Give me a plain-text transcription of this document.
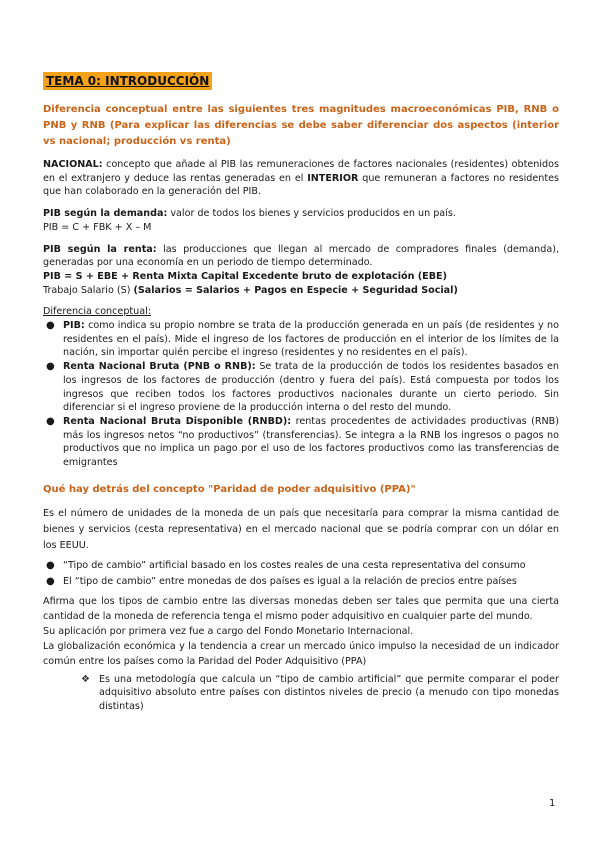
TEMA 0: INTRODUCCIÓN
Diferencia conceptual entre las siguientes tres magnitudes macroeconómicas PIB, RNB o PNB y RNB (Para explicar las diferencias se debe saber diferenciar dos aspectos (interior vs nacional; producción vs renta)

NACIONAL: concepto que añade al PIB las remuneraciones de factores nacionales (residentes) obtenidos en el extranjero y deduce las rentas generadas en el INTERIOR que remuneran a factores no residentes que han colaborado en la generación del PIB.

PIB según la demanda: valor de todos los bienes y servicios producidos en un país.

PIB = C + FBK + X – M

PIB según la renta: las producciones que llegan al mercado de compradores finales (demanda), generadas por una economía en un periodo de tiempo determinado.

PIB = S + EBE + Renta Mixta Capital Excedente bruto de explotación (EBE)

Trabajo Salario (S) (Salarios = Salarios + Pagos en Especie + Seguridad Social)

Diferencia conceptual:

● PIB: como indica su propio nombre se trata de la producción generada en un país (de residentes y no residentes en el país). Mide el ingreso de los factores de producción en el interior de los límites de la nación, sin importar quién percibe el ingreso (residentes y no residentes en el país).
● Renta Nacional Bruta (PNB o RNB): Se trata de la producción de todos los residentes basados en los ingresos de los factores de producción (dentro y fuera del país). Está compuesta por todos los ingresos que reciben todos los factores productivos nacionales durante un cierto periodo. Sin diferenciar si el ingreso proviene de la producción interna o del resto del mundo.
● Renta Nacional Bruta Disponible (RNBD): rentas procedentes de actividades productivas (RNB) más los ingresos netos “no productivos” (transferencias). Se integra a la RNB los ingresos o pagos no productivos que no implica un pago por el uso de los factores productivos como las transferencias de emigrantes
Qué hay detrás del concepto "Paridad de poder adquisitivo (PPA)"

Es el número de unidades de la moneda de un país que necesitaría para comprar la misma cantidad de bienes y servicios (cesta representativa) en el mercado nacional que se podría comprar con un dólar en los EEUU.

● “Tipo de cambio” artificial basado en los costes reales de una cesta representativa del consumo
● El “tipo de cambio” entre monedas de dos países es igual a la relación de precios entre países

Afirma que los tipos de cambio entre las diversas monedas deben ser tales que permita que una cierta cantidad de la moneda de referencia tenga el mismo poder adquisitivo en cualquier parte del mundo.

Su aplicación por primera vez fue a cargo del Fondo Monetario Internacional.

La globalización económica y la tendencia a crear un mercado único impulso la necesidad de un indicador común entre los países como la Paridad del Poder Adquisitivo (PPA)

❖ Es una metodología que calcula un “tipo de cambio artificial” que permite comparar el poder adquisitivo absoluto entre países con distintos niveles de precio (a menudo con tipo monedas distintas)
1
